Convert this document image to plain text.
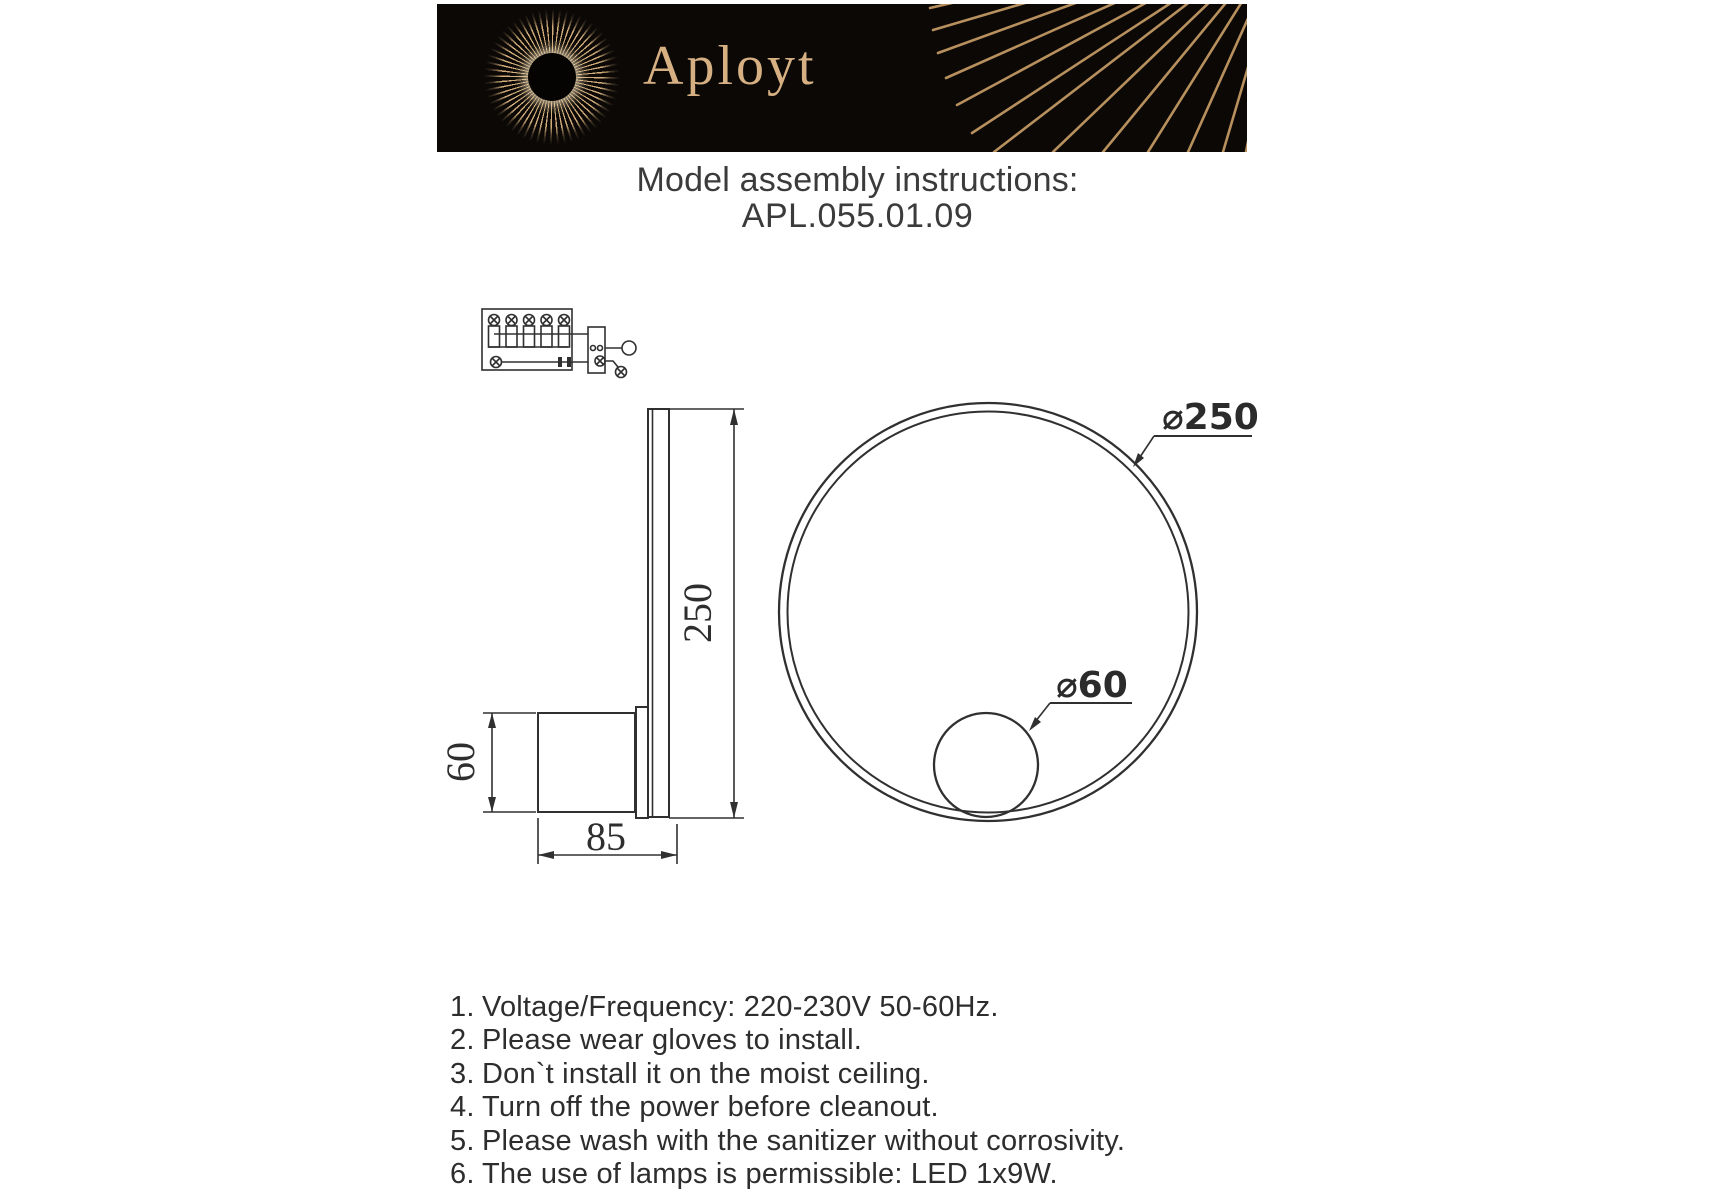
Aployt
Model assembly instructions:
APL.055.01.09
250
60
85
⌀250
⌀60
1. Voltage/Frequency: 220-230V 50-60Hz.
2. Please wear gloves to install.
3. Don`t install it on the moist ceiling.
4. Turn off the power before cleanout.
5. Please wash with the sanitizer without corrosivity.
6. The use of lamps is permissible: LED 1x9W.
